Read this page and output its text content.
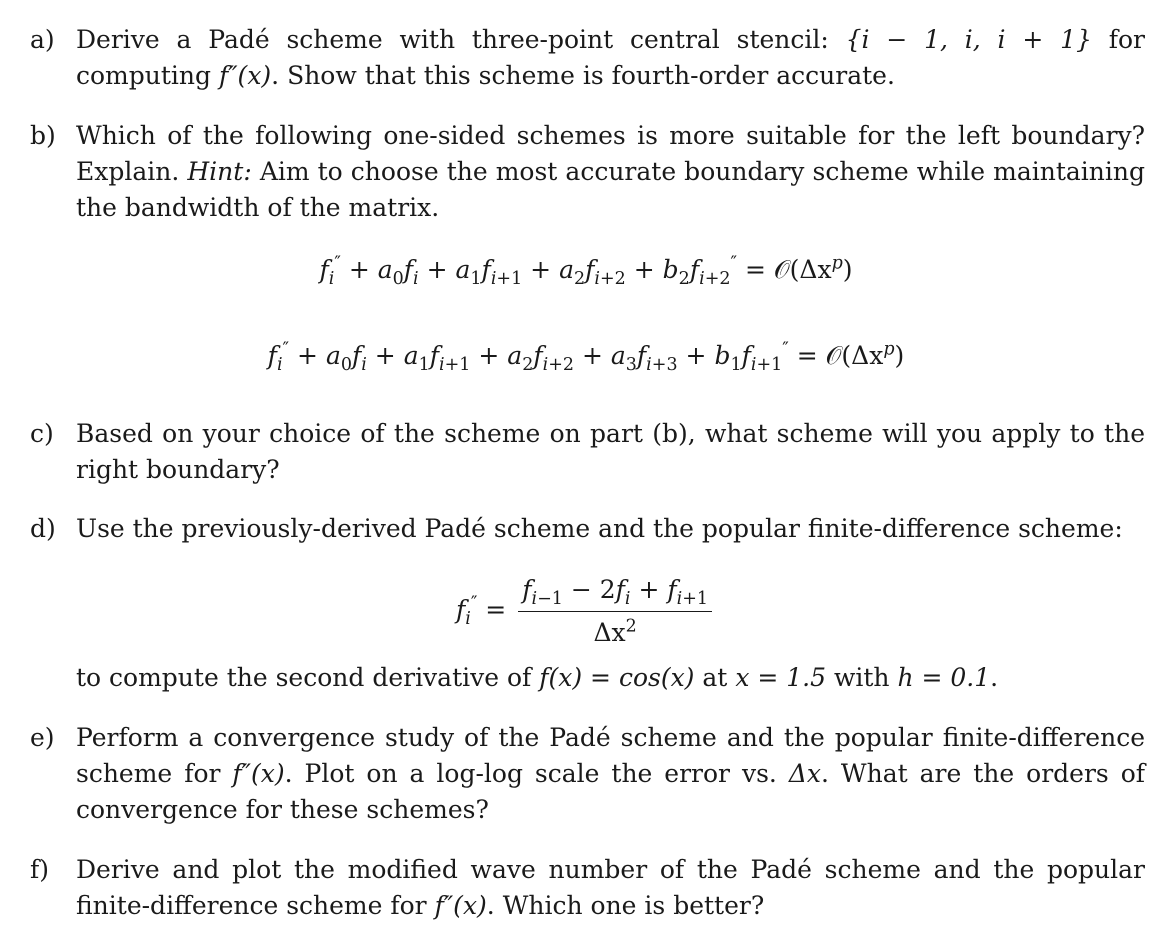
a) Derive a Padé scheme with three-point central stencil: {i − 1, i, i + 1} for computing f″(x). Show that this scheme is fourth-order accurate.
b) Which of the following one-sided schemes is more suitable for the left boundary? Explain. Hint: Aim to choose the most accurate boundary scheme while maintaining the bandwidth of the matrix.
$f_i'' + a_0f_i + a_1f_{i+1} + a_2f_{i+2} + b_2f_{i+2}''$ = $𝒪(\Delta x^p)$
$f_i'' + a_0f_i + a_1f_{i+1} + a_2f_{i+2} + a_3f_{i+3} + b_1f_{i+1}''$ = $𝒪(\Delta x^p)$
c) Based on your choice of the scheme on part (b), what scheme will you apply to the right boundary?
d) Use the previously-derived Padé scheme and the popular finite-difference scheme:
$f_i'' = \frac{f_{i-1} - 2f_i + f_{i+1}}{\Delta x^2}$
to compute the second derivative of f(x) = cos(x) at x = 1.5 with h = 0.1.
e) Perform a convergence study of the Padé scheme and the popular finite-difference scheme for f″(x). Plot on a log-log scale the error vs. Δx. What are the orders of convergence for these schemes?
f)	Derive and plot the modified wave number of the Padé scheme and the popular finite-difference scheme for f″(x). Which one is better?
